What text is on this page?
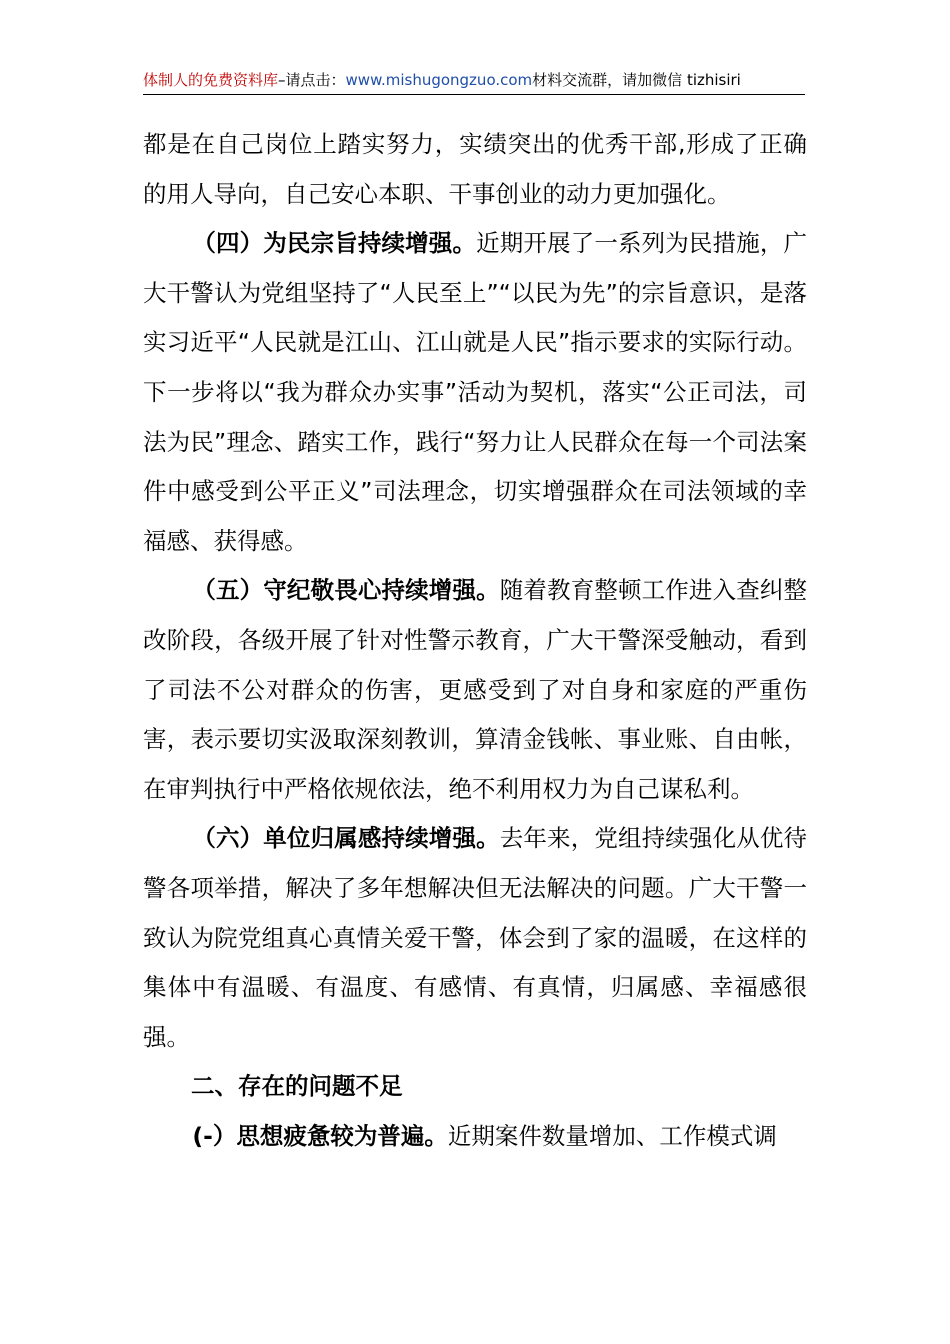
体制人的免费资料库–请点击：www.mishugongzuo.com材料交流群，请加微信 tizhisiri

都是在自己岗位上踏实努力，实绩突出的优秀干部,形成了正确的用人导向，自己安心本职、干事创业的动力更加强化。

（四）为民宗旨持续增强。近期开展了一系列为民措施，广大干警认为党组坚持了“人民至上”“以民为先”的宗旨意识，是落实习近平“人民就是江山、江山就是人民”指示要求的实际行动。下一步将以“我为群众办实事”活动为契机，落实“公正司法，司法为民”理念、踏实工作，践行“努力让人民群众在每一个司法案件中感受到公平正义”司法理念，切实增强群众在司法领域的幸福感、获得感。

（五）守纪敬畏心持续增强。随着教育整顿工作进入查纠整改阶段，各级开展了针对性警示教育，广大干警深受触动，看到了司法不公对群众的伤害，更感受到了对自身和家庭的严重伤害，表示要切实汲取深刻教训，算清金钱帐、事业账、自由帐，在审判执行中严格依规依法，绝不利用权力为自己谋私利。

（六）单位归属感持续增强。去年来，党组持续强化从优待警各项举措，解决了多年想解决但无法解决的问题。广大干警一致认为院党组真心真情关爱干警，体会到了家的温暖，在这样的集体中有温暖、有温度、有感情、有真情，归属感、幸福感很强。

二、存在的问题不足

(-）思想疲惫较为普遍。近期案件数量增加、工作模式调
